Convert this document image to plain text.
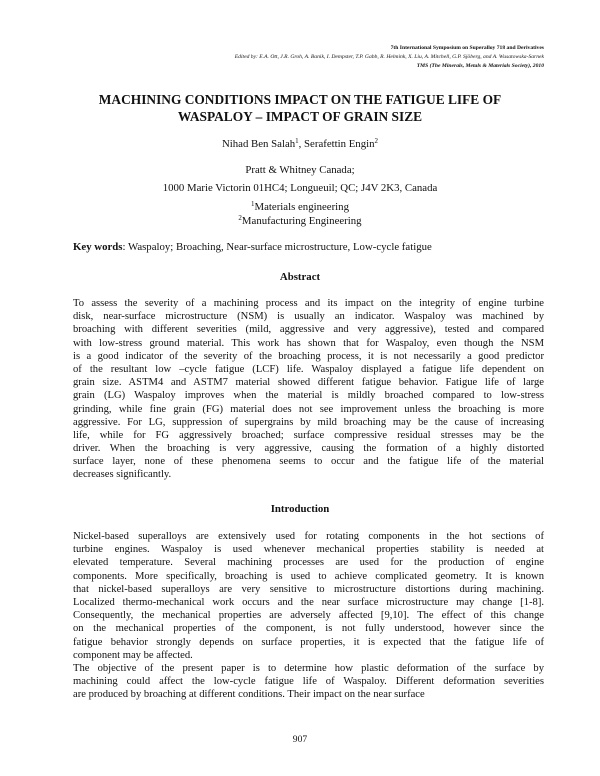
7th International Symposium on Superalloy 718 and Derivatives
Edited by: E.A. Ott, J.R. Groh, A. Banik, I. Dempster, T.P. Gabb, R. Helmink, X. Liu, A. Mitchell, G.P. Sjöberg, and A. Wusatowska-Sarnek
TMS (The Minerals, Metals & Materials Society), 2010
MACHINING CONDITIONS IMPACT ON THE FATIGUE LIFE OF
WASPALOY – IMPACT OF GRAIN SIZE
Nihad Ben Salah$^1$, Serafettin Engin$^2$
Pratt & Whitney Canada;
1000 Marie Victorin 01HC4; Longueuil; QC; J4V 2K3, Canada
$^1$Materials engineering
$^2$Manufacturing Engineering
Key words: Waspaloy; Broaching, Near-surface microstructure, Low-cycle fatigue
Abstract
To assess the severity of a machining process and its impact on the integrity of engine turbine
disk, near-surface microstructure (NSM) is usually an indicator. Waspaloy was machined by
broaching with different severities (mild, aggressive and very aggressive), tested and compared
with low-stress ground material. This work has shown that for Waspaloy, even though the NSM
is a good indicator of the severity of the broaching process, it is not necessarily a good predictor
of the resultant low –cycle fatigue (LCF) life. Waspaloy displayed a fatigue life dependent on
grain size. ASTM4 and ASTM7 material showed different fatigue behavior. Fatigue life of large
grain (LG) Waspaloy improves when the material is mildly broached compared to low-stress
grinding, while fine grain (FG) material does not see improvement unless the broaching is more
aggressive. For LG, suppression of supergrains by mild broaching may be the cause of increasing
life, while for FG aggressively broached; surface compressive residual stresses may be the
driver. When the broaching is very aggressive, causing the formation of a highly distorted
surface layer, none of these phenomena seems to occur and the fatigue life of the material
decreases significantly.
Introduction
Nickel-based superalloys are extensively used for rotating components in the hot sections of
turbine engines. Waspaloy is used whenever mechanical properties stability is needed at
elevated temperature. Several machining processes are used for the production of engine
components. More specifically, broaching is used to achieve complicated geometry. It is known
that nickel-based superalloys are very sensitive to microstructure distortions during machining.
Localized thermo-mechanical work occurs and the near surface microstructure may change [1-8].
Consequently, the mechanical properties are adversely affected [9,10]. The effect of this change
on the mechanical properties of the component, is not fully understood, however since the
fatigue behavior strongly depends on surface properties, it is expected that the fatigue life of
component may be affected.
The objective of the present paper is to determine how plastic deformation of the surface by
machining could affect the low-cycle fatigue life of Waspaloy. Different deformation severities
are produced by broaching at different conditions. Their impact on the near surface
907
